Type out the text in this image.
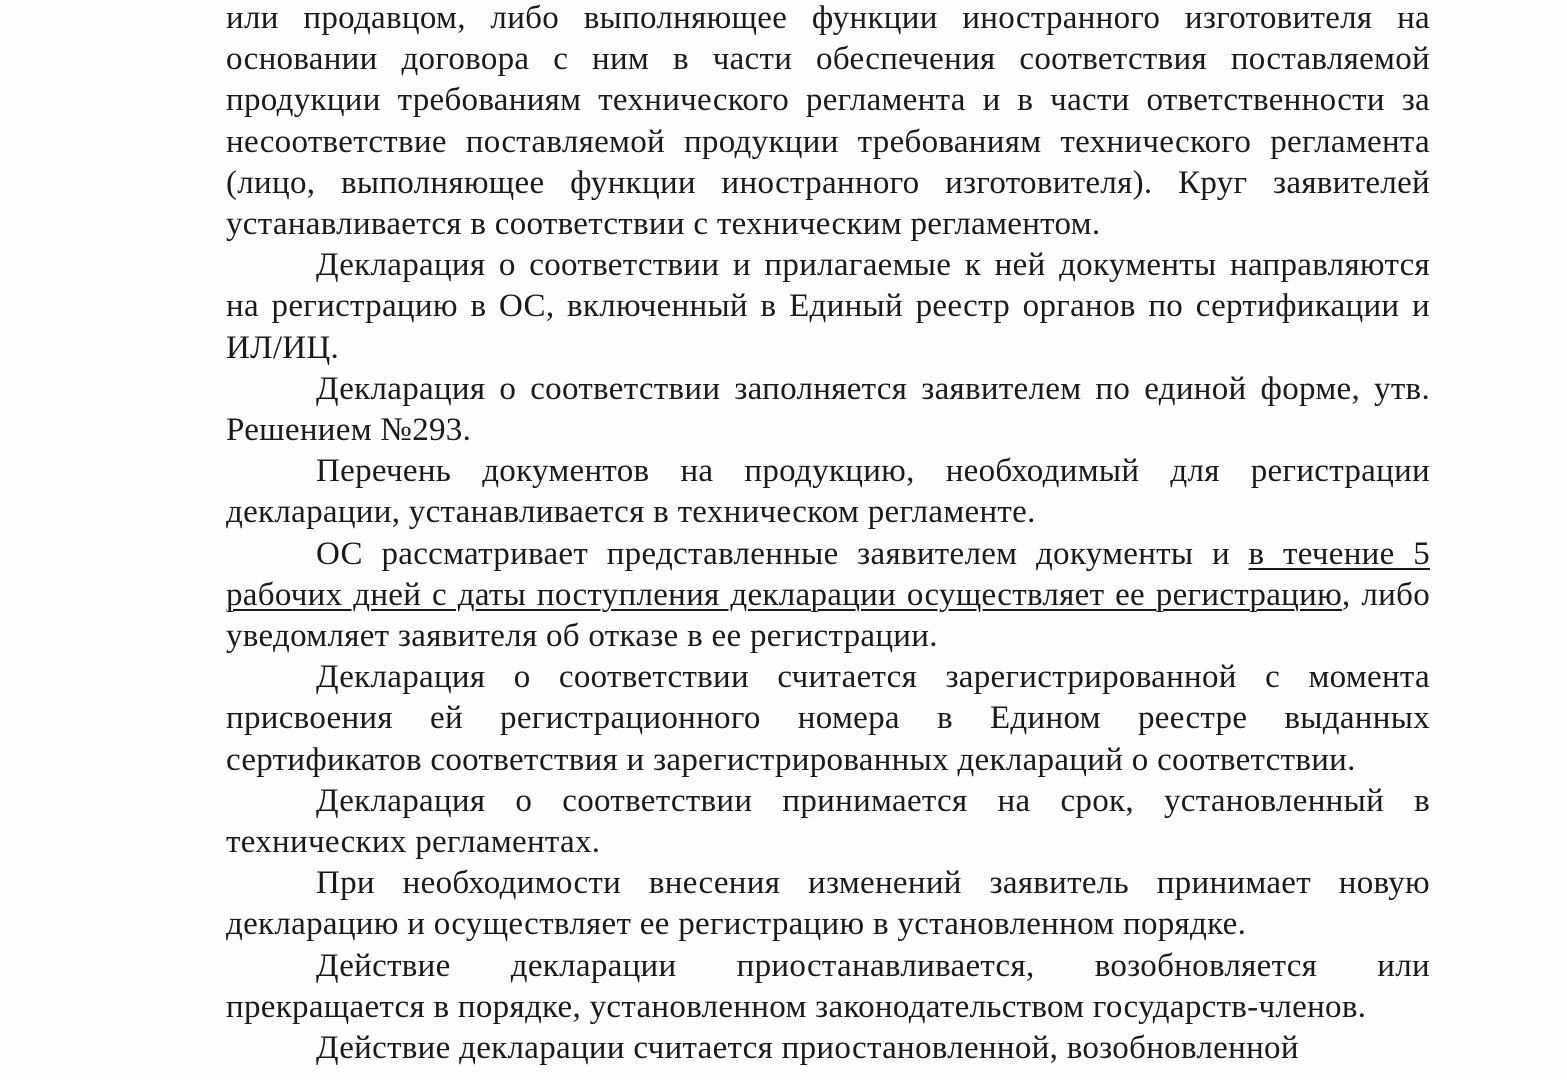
или продавцом, либо выполняющее функции иностранного изготовителя на основании договора с ним в части обеспечения соответствия поставляемой продукции требованиям технического регламента и в части ответственности за несоответствие поставляемой продукции требованиям технического регламента (лицо, выполняющее функции иностранного изготовителя). Круг заявителей устанавливается в соответствии с техническим регламентом.

Декларация о соответствии и прилагаемые к ней документы направляются на регистрацию в ОС, включенный в Единый реестр органов по сертификации и ИЛ/ИЦ.

Декларация о соответствии заполняется заявителем по единой форме, утв. Решением №293.

Перечень документов на продукцию, необходимый для регистрации декларации, устанавливается в техническом регламенте.

ОС рассматривает представленные заявителем документы и в течение 5 рабочих дней с даты поступления декларации осуществляет ее регистрацию, либо уведомляет заявителя об отказе в ее регистрации.

Декларация о соответствии считается зарегистрированной с момента присвоения ей регистрационного номера в Едином реестре выданных сертификатов соответствия и зарегистрированных деклараций о соответствии.

Декларация о соответствии принимается на срок, установленный в технических регламентах.

При необходимости внесения изменений заявитель принимает новую декларацию и осуществляет ее регистрацию в установленном порядке.

Действие декларации приостанавливается, возобновляется или прекращается в порядке, установленном законодательством государств-членов.

Действие декларации считается приостановленной, возобновленной
